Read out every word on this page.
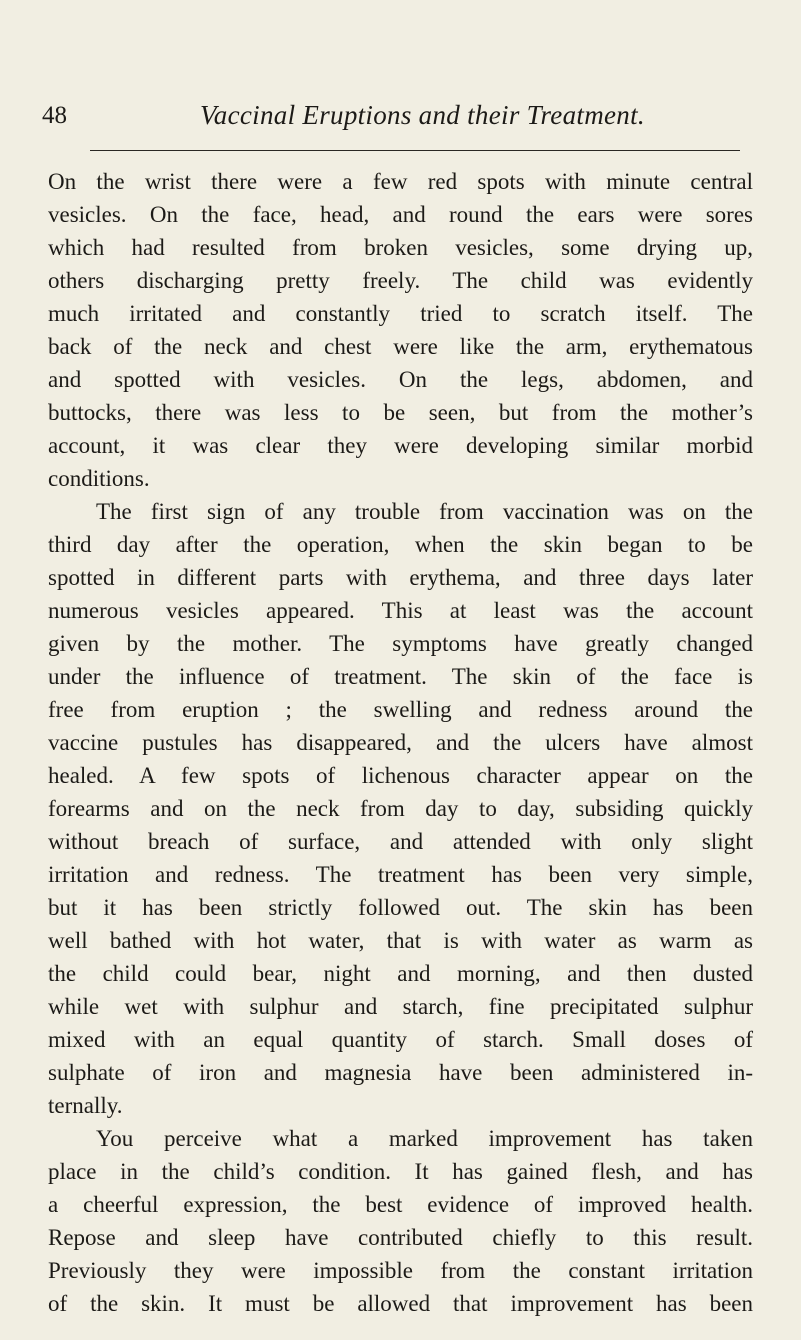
48	Vaccinal Eruptions and their Treatment.
On the wrist there were a few red spots with minute central
vesicles. On the face, head, and round the ears were sores
which had resulted from broken vesicles, some drying up,
others discharging pretty freely. The child was evidently
much irritated and constantly tried to scratch itself. The
back of the neck and chest were like the arm, erythematous
and spotted with vesicles. On the legs, abdomen, and
buttocks, there was less to be seen, but from the mother’s
account, it was clear they were developing similar morbid
conditions.
The first sign of any trouble from vaccination was on the
third day after the operation, when the skin began to be
spotted in different parts with erythema, and three days later
numerous vesicles appeared. This at least was the account
given by the mother. The symptoms have greatly changed
under the influence of treatment. The skin of the face is
free from eruption ; the swelling and redness around the
vaccine pustules has disappeared, and the ulcers have almost
healed. A few spots of lichenous character appear on the
forearms and on the neck from day to day, subsiding quickly
without breach of surface, and attended with only slight
irritation and redness. The treatment has been very simple,
but it has been strictly followed out. The skin has been
well bathed with hot water, that is with water as warm as
the child could bear, night and morning, and then dusted
while wet with sulphur and starch, fine precipitated sulphur
mixed with an equal quantity of starch. Small doses of
sulphate of iron and magnesia have been administered in-
ternally.
You perceive what a marked improvement has taken
place in the child’s condition. It has gained flesh, and has
a cheerful expression, the best evidence of improved health.
Repose and sleep have contributed chiefly to this result.
Previously they were impossible from the constant irritation
of the skin. It must be allowed that improvement has been
